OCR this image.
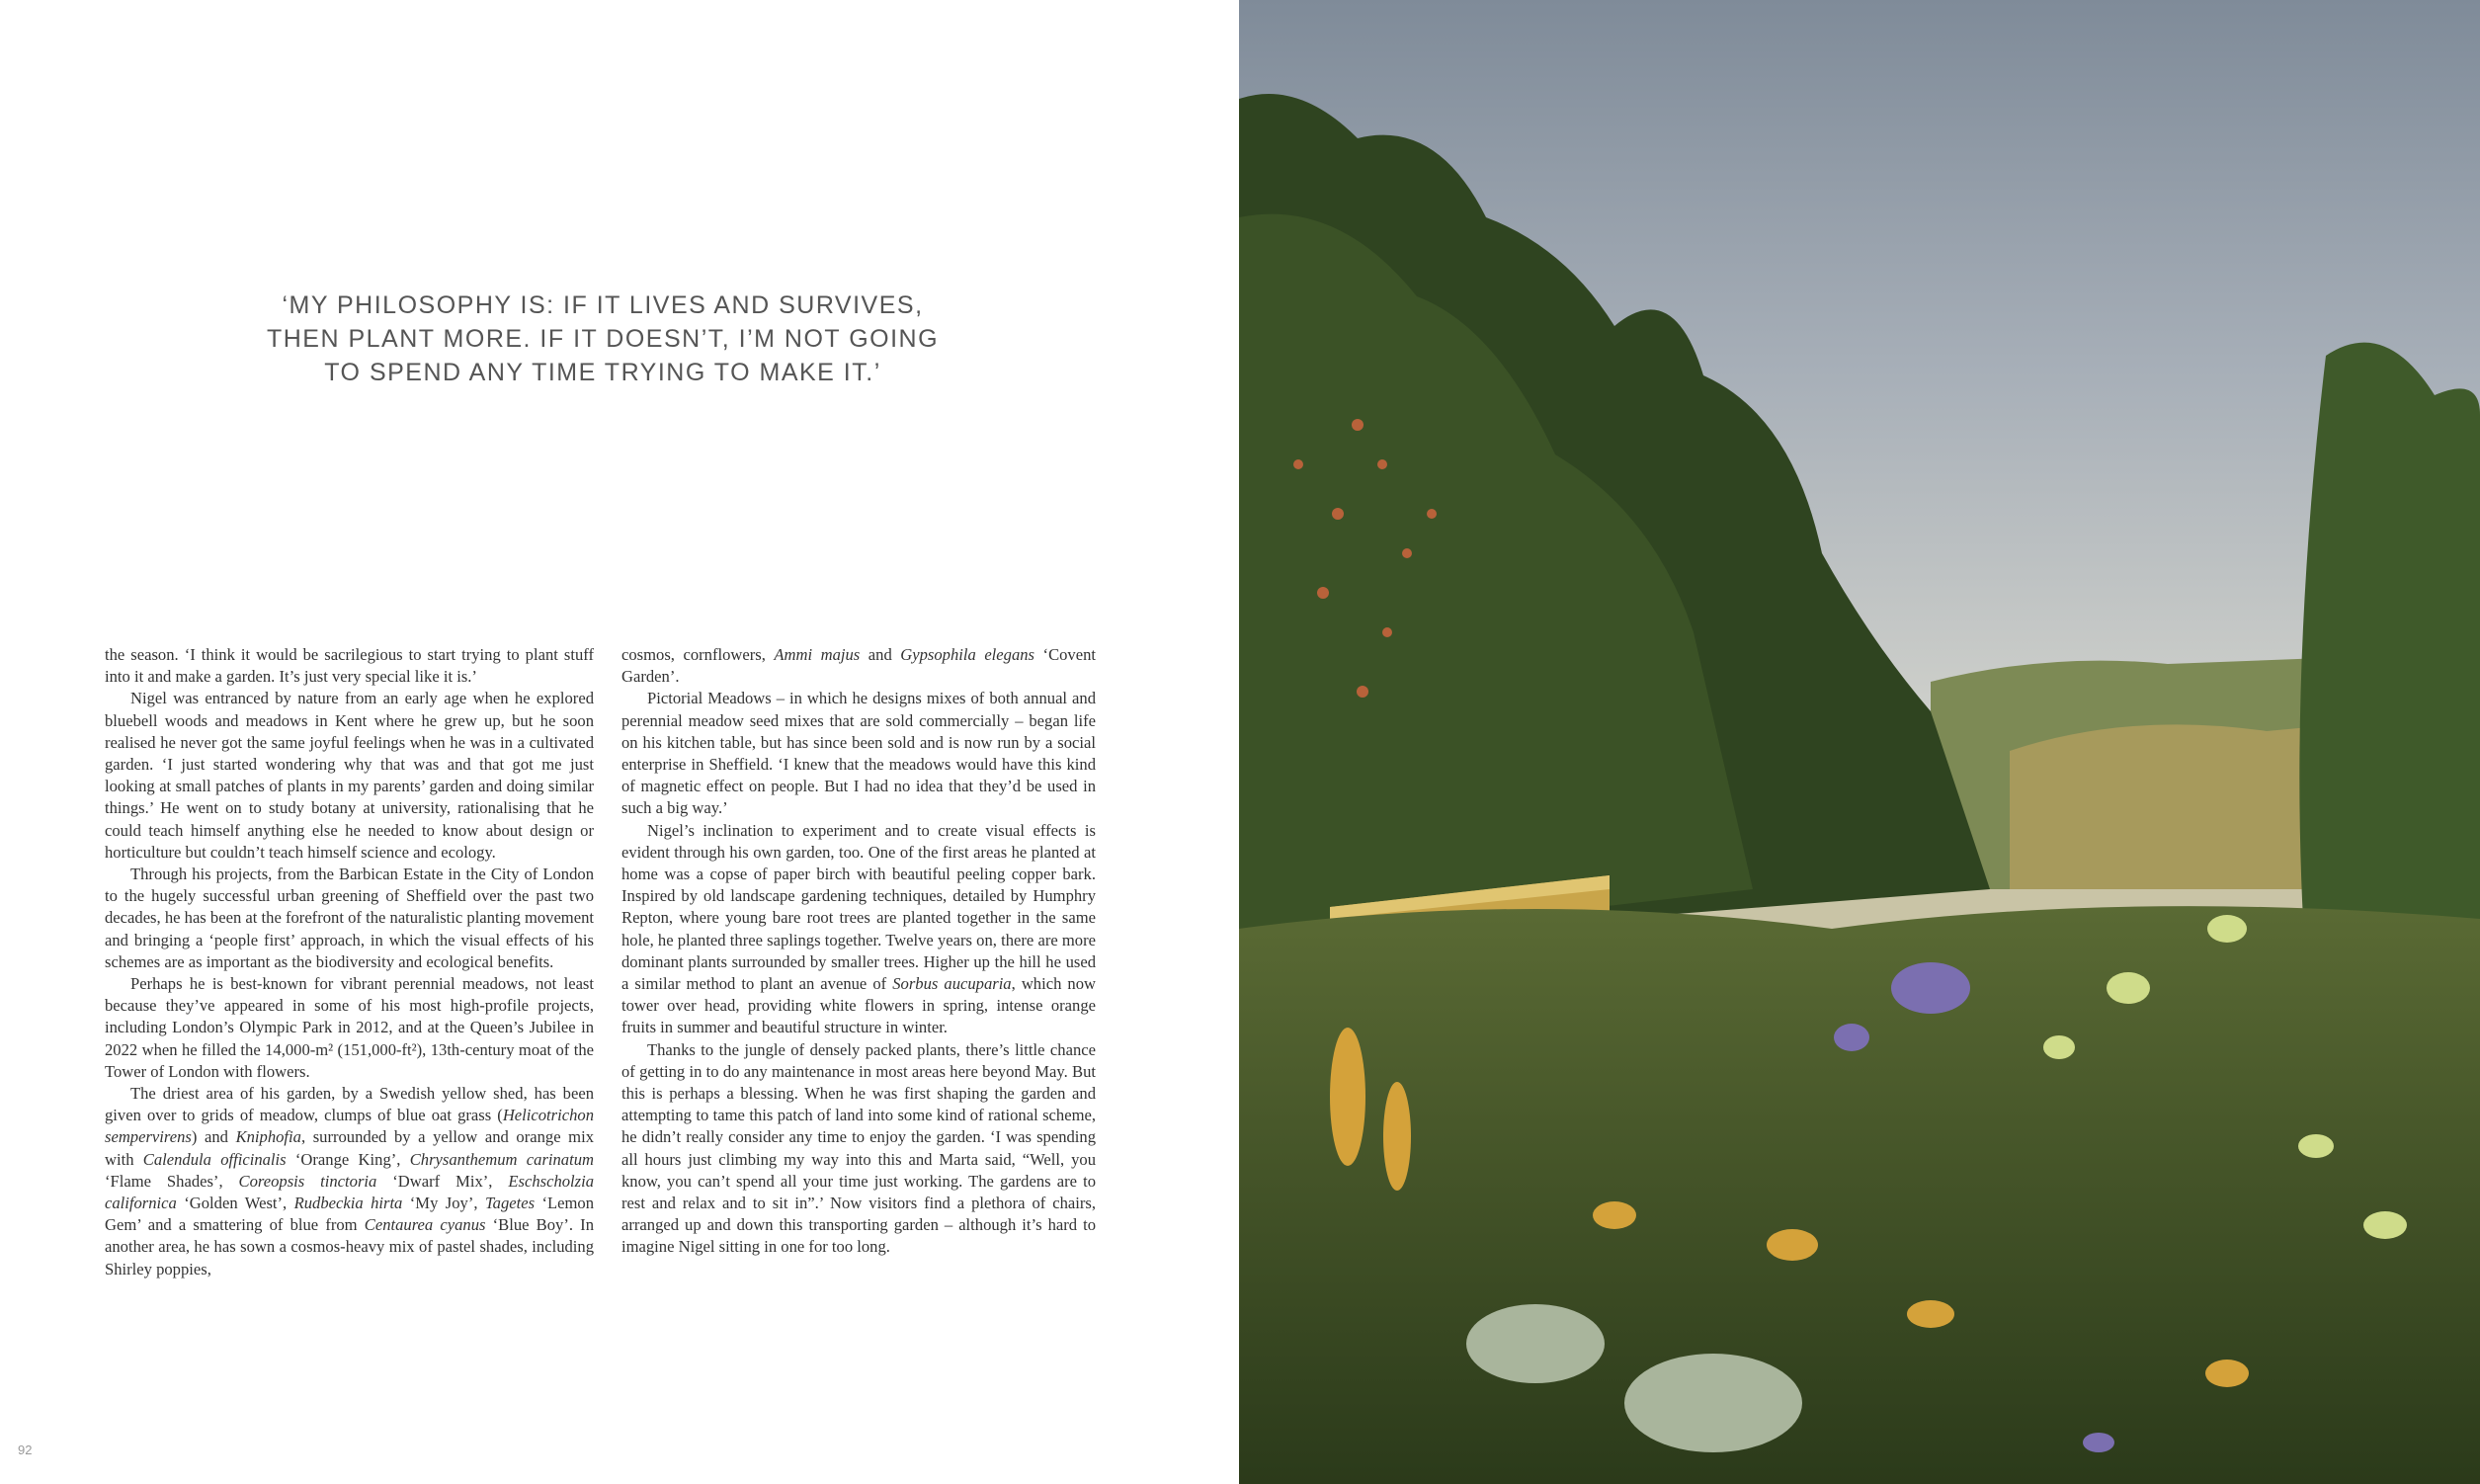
‘MY PHILOSOPHY IS: IF IT LIVES AND SURVIVES,
THEN PLANT MORE. IF IT DOESN’T, I’M NOT GOING
TO SPEND ANY TIME TRYING TO MAKE IT.’

the season. ‘I think it would be sacrilegious to start trying to plant stuff into it and make a garden. It’s just very special like it is.’

Nigel was entranced by nature from an early age when he explored bluebell woods and meadows in Kent where he grew up, but he soon realised he never got the same joyful feelings when he was in a cultivated garden. ‘I just started wondering why that was and that got me just looking at small patches of plants in my parents’ garden and doing similar things.’ He went on to study botany at university, rationalising that he could teach himself anything else he needed to know about design or horticulture but couldn’t teach himself science and ecology.

Through his projects, from the Barbican Estate in the City of London to the hugely successful urban greening of Sheffield over the past two decades, he has been at the forefront of the naturalistic planting movement and bringing a ‘people first’ approach, in which the visual effects of his schemes are as important as the biodiversity and ecological benefits.

Perhaps he is best-known for vibrant perennial meadows, not least because they’ve appeared in some of his most high-profile projects, including London’s Olympic Park in 2012, and at the Queen’s Jubilee in 2022 when he filled the 14,000-m² (151,000-ft²), 13th-century moat of the Tower of London with flowers.

The driest area of his garden, by a Swedish yellow shed, has been given over to grids of meadow, clumps of blue oat grass (Helicotrichon sempervirens) and Kniphofia, surrounded by a yellow and orange mix with Calendula officinalis ‘Orange King’, Chrysanthemum carinatum ‘Flame Shades’, Coreopsis tinctoria ‘Dwarf Mix’, Eschscholzia californica ‘Golden West’, Rudbeckia hirta ‘My Joy’, Tagetes ‘Lemon Gem’ and a smattering of blue from Centaurea cyanus ‘Blue Boy’. In another area, he has sown a cosmos-heavy mix of pastel shades, including Shirley poppies,

cosmos, cornflowers, Ammi majus and Gypsophila elegans ‘Covent Garden’.

Pictorial Meadows – in which he designs mixes of both annual and perennial meadow seed mixes that are sold commercially – began life on his kitchen table, but has since been sold and is now run by a social enterprise in Sheffield. ‘I knew that the meadows would have this kind of magnetic effect on people. But I had no idea that they’d be used in such a big way.’

Nigel’s inclination to experiment and to create visual effects is evident through his own garden, too. One of the first areas he planted at home was a copse of paper birch with beautiful peeling copper bark. Inspired by old landscape gardening techniques, detailed by Humphry Repton, where young bare root trees are planted together in the same hole, he planted three saplings together. Twelve years on, there are more dominant plants surrounded by smaller trees. Higher up the hill he used a similar method to plant an avenue of Sorbus aucuparia, which now tower over head, providing white flowers in spring, intense orange fruits in summer and beautiful structure in winter.

Thanks to the jungle of densely packed plants, there’s little chance of getting in to do any maintenance in most areas here beyond May. But this is perhaps a blessing. When he was first shaping the garden and attempting to tame this patch of land into some kind of rational scheme, he didn’t really consider any time to enjoy the garden. ‘I was spending all hours just climbing my way into this and Marta said, “Well, you know, you can’t spend all your time just working. The gardens are to rest and relax and to sit in”.’ Now visitors find a plethora of chairs, arranged up and down this transporting garden – although it’s hard to imagine Nigel sitting in one for too long.

92
